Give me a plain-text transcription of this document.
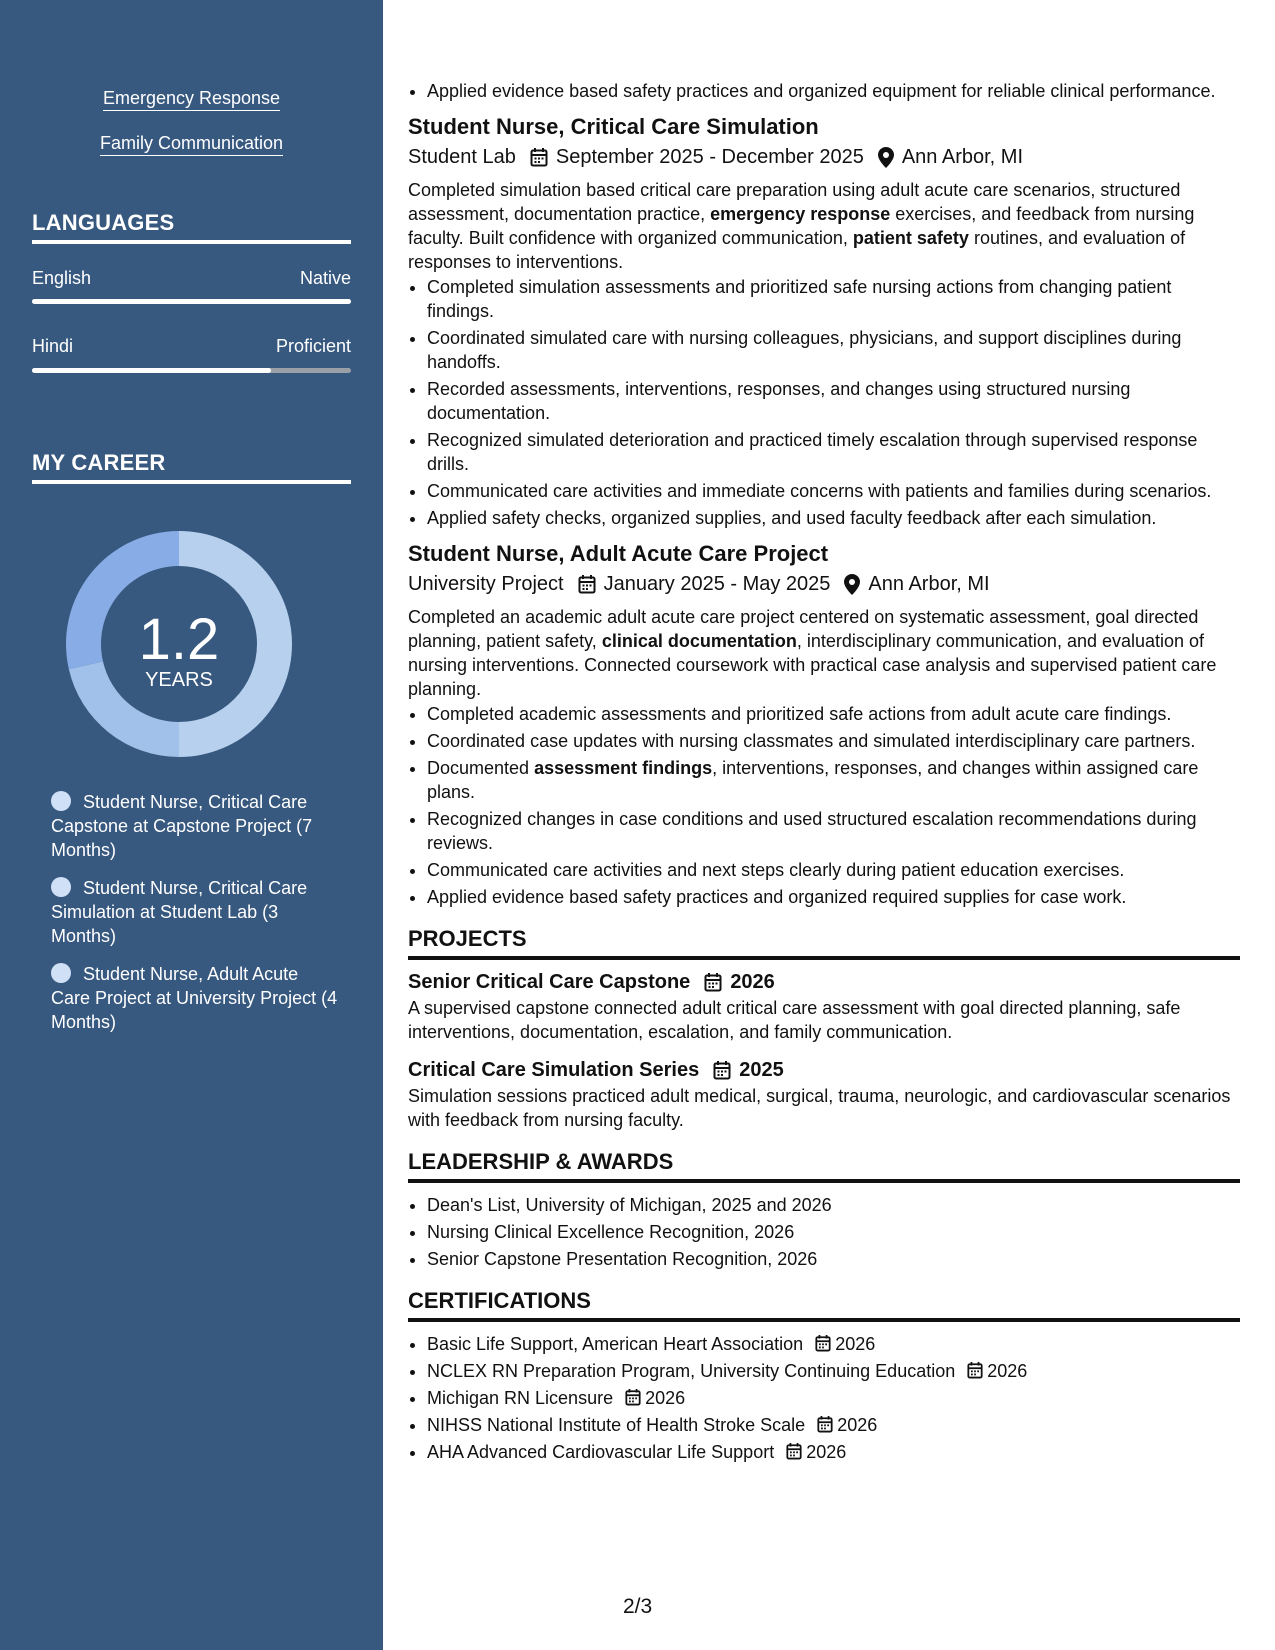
Emergency Response
Family Communication
LANGUAGES
English	Native
Hindi	Proficient
MY CAREER
1.2
YEARS
Student Nurse, Critical Care Capstone at Capstone Project (7 Months)
Student Nurse, Critical Care Simulation at Student Lab (3 Months)
Student Nurse, Adult Acute Care Project at University Project (4 Months)
• Applied evidence based safety practices and organized equipment for reliable clinical performance.
Student Nurse, Critical Care Simulation
Student Lab September 2025 - December 2025 Ann Arbor, MI
Completed simulation based critical care preparation using adult acute care scenarios, structured assessment, documentation practice, emergency response exercises, and feedback from nursing faculty. Built confidence with organized communication, patient safety routines, and evaluation of responses to interventions.
• Completed simulation assessments and prioritized safe nursing actions from changing patient findings.
• Coordinated simulated care with nursing colleagues, physicians, and support disciplines during handoffs.
• Recorded assessments, interventions, responses, and changes using structured nursing documentation.
• Recognized simulated deterioration and practiced timely escalation through supervised response drills.
• Communicated care activities and immediate concerns with patients and families during scenarios.
• Applied safety checks, organized supplies, and used faculty feedback after each simulation.
Student Nurse, Adult Acute Care Project
University Project January 2025 - May 2025 Ann Arbor, MI
Completed an academic adult acute care project centered on systematic assessment, goal directed planning, patient safety, clinical documentation, interdisciplinary communication, and evaluation of nursing interventions. Connected coursework with practical case analysis and supervised patient care planning.
• Completed academic assessments and prioritized safe actions from adult acute care findings.
• Coordinated case updates with nursing classmates and simulated interdisciplinary care partners.
• Documented assessment findings, interventions, responses, and changes within assigned care plans.
• Recognized changes in case conditions and used structured escalation recommendations during reviews.
• Communicated care activities and next steps clearly during patient education exercises.
• Applied evidence based safety practices and organized required supplies for case work.
PROJECTS
Senior Critical Care Capstone 2026
A supervised capstone connected adult critical care assessment with goal directed planning, safe interventions, documentation, escalation, and family communication.
Critical Care Simulation Series 2025
Simulation sessions practiced adult medical, surgical, trauma, neurologic, and cardiovascular scenarios with feedback from nursing faculty.
LEADERSHIP & AWARDS
• Dean's List, University of Michigan, 2025 and 2026
• Nursing Clinical Excellence Recognition, 2026
• Senior Capstone Presentation Recognition, 2026
CERTIFICATIONS
• Basic Life Support, American Heart Association 2026
• NCLEX RN Preparation Program, University Continuing Education 2026
• Michigan RN Licensure 2026
• NIHSS National Institute of Health Stroke Scale 2026
• AHA Advanced Cardiovascular Life Support 2026
2/3
